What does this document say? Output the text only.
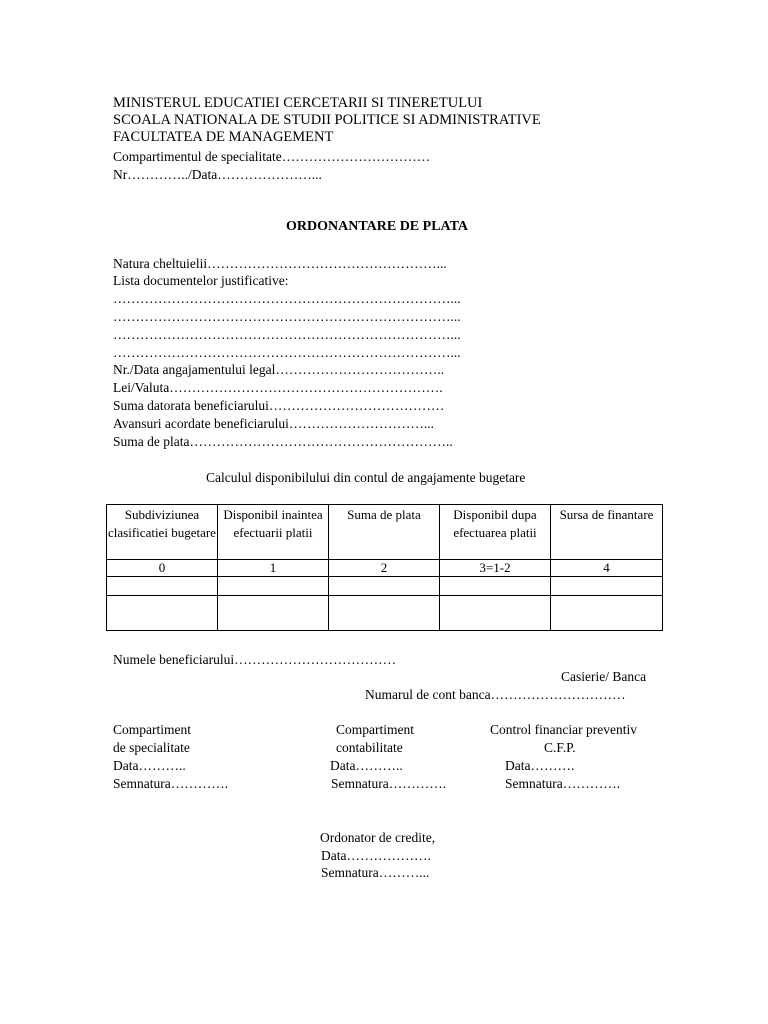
MINISTERUL EDUCATIEI CERCETARII SI TINERETULUI
SCOALA NATIONALA DE STUDII POLITICE SI ADMINISTRATIVE
FACULTATEA DE MANAGEMENT
Compartimentul de specialitate……………………………
Nr…………../Data…………………...
ORDONANTARE DE PLATA
Natura cheltuielii……………………………………………...
Lista documentelor justificative:
…………………………………………………………………...
…………………………………………………………………...
…………………………………………………………………...
…………………………………………………………………...
Nr./Data angajamentului legal………………………………..
Lei/Valuta…………………………………………………….
Suma datorata beneficiarului…………………………………
Avansuri acordate beneficiarului…………………………...
Suma de plata…………………………………………………..
Calculul disponibilului din contul de angajamente bugetare
Subdiviziunea clasificatiei bugetare	Disponibil inaintea efectuarii platii	Suma de plata	Disponibil dupa efectuarea platii	Sursa de finantare
0	1	2	3=1-2	4

Numele beneficiarului………………………………
Casierie/ Banca
Numarul de cont banca…………………………
Compartiment
de specialitate
Data………..
Semnatura………….
Compartiment
contabilitate
Data………..
Semnatura………….
Control financiar preventiv
C.F.P.
Data……….
Semnatura………….
Ordonator de credite,
Data……………….
Semnatura………...
